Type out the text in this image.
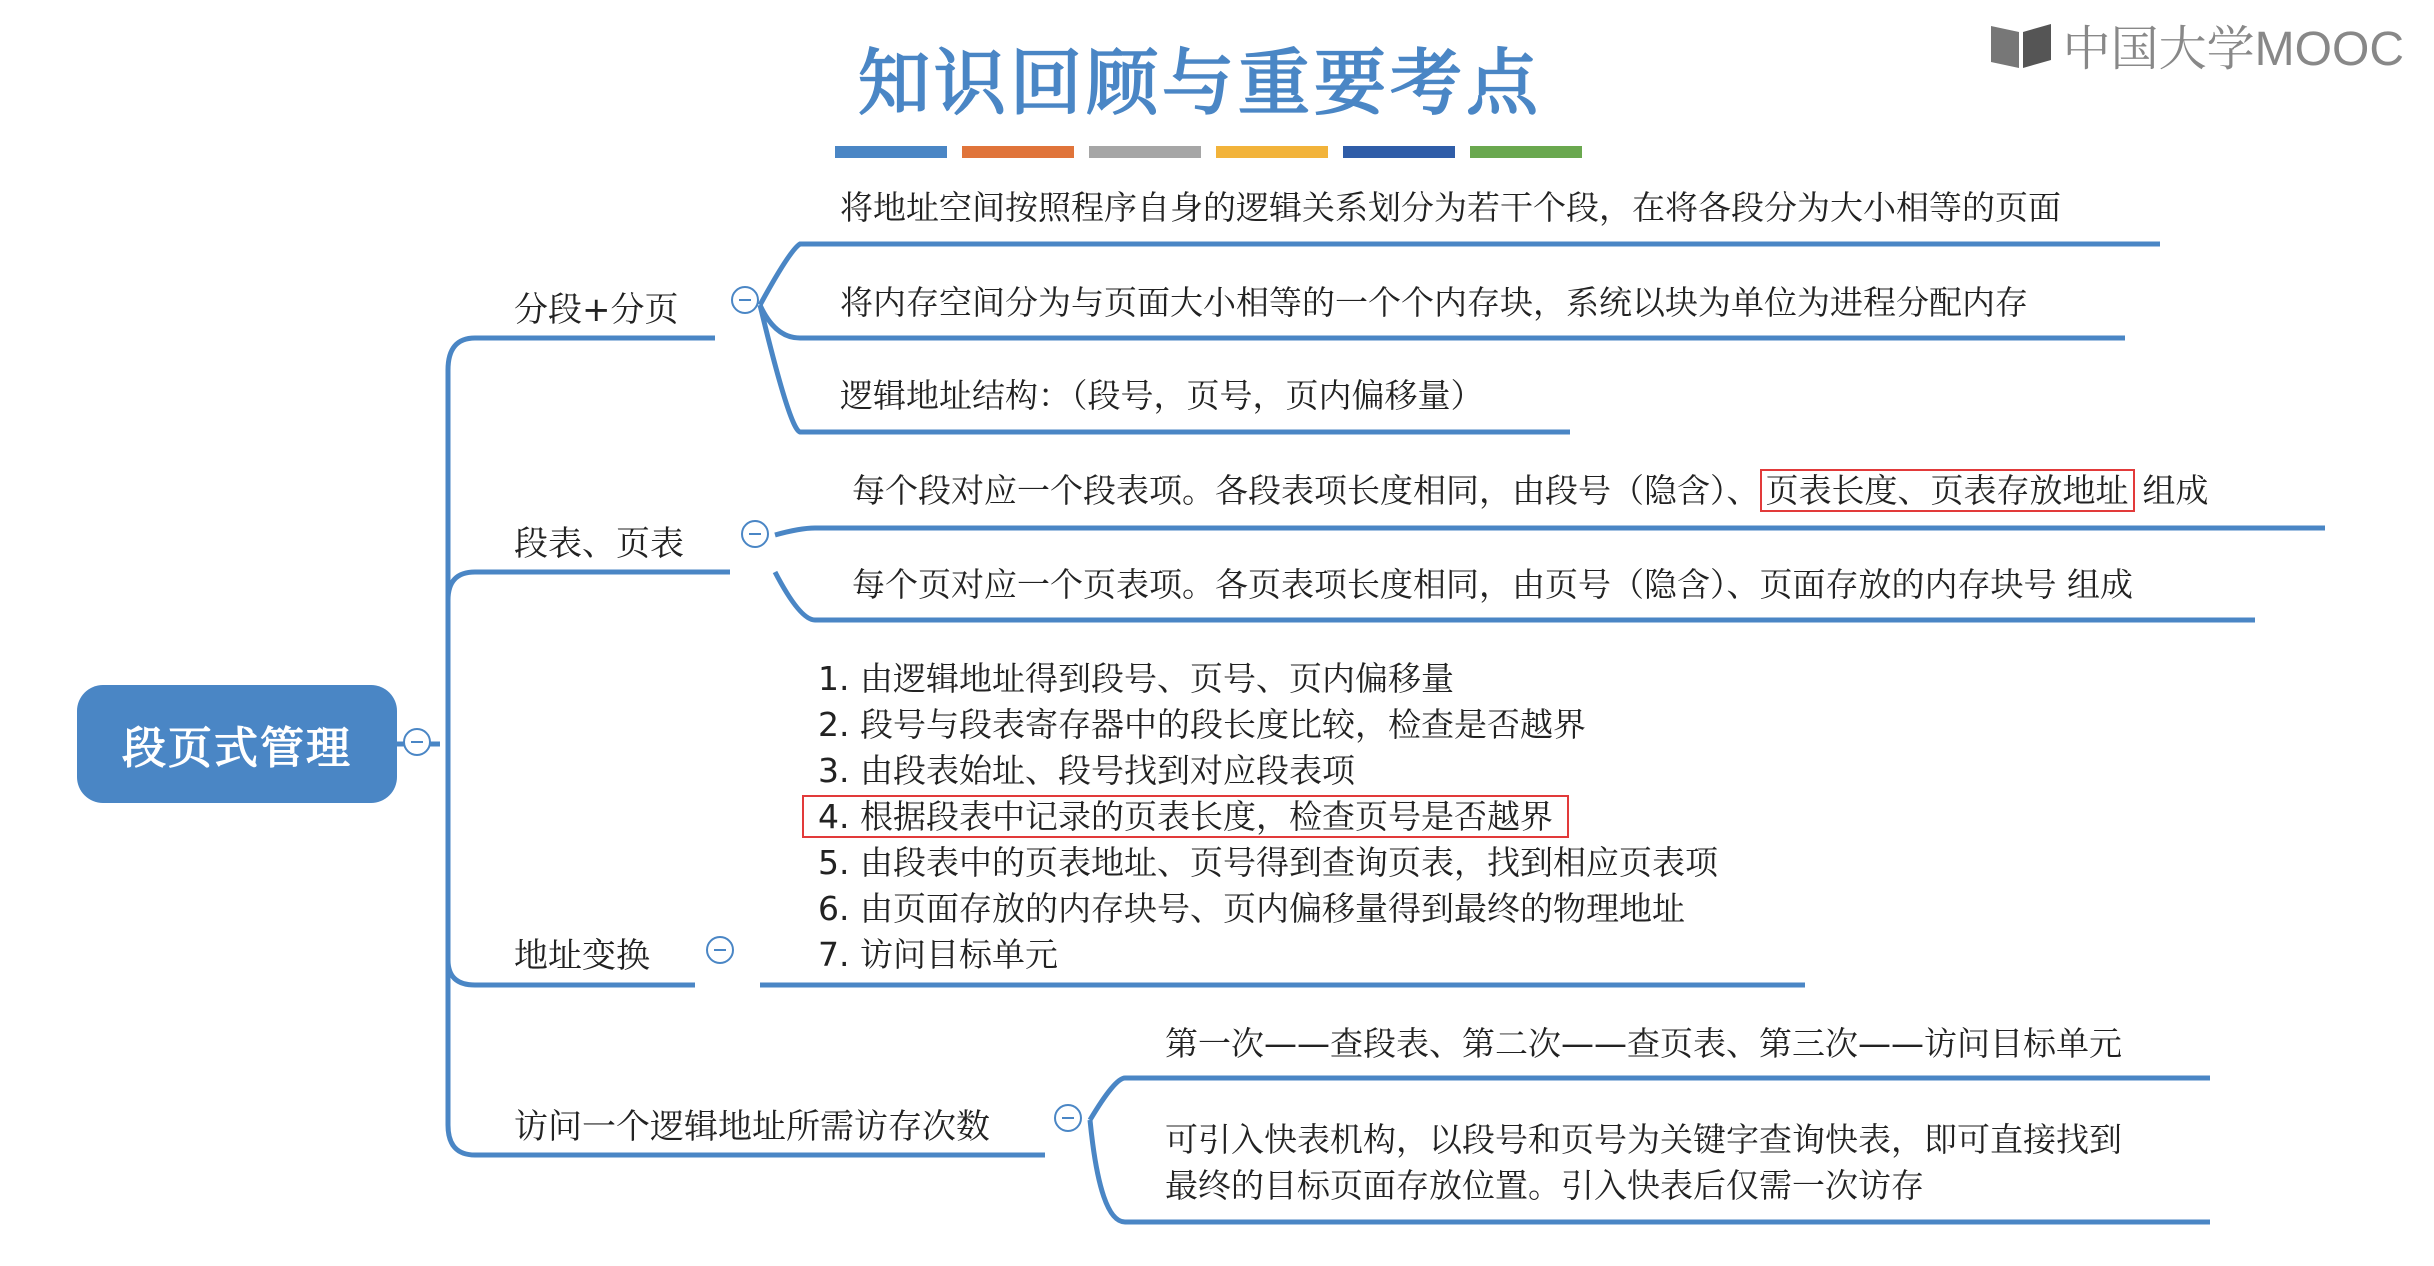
知识回顾与重要考点	中国大学MOOC
段页式管理
分段+分页
将地址空间按照程序自身的逻辑关系划分为若干个段，在将各段分为大小相等的页面
将内存空间分为与页面大小相等的一个个内存块，系统以块为单位为进程分配内存
逻辑地址结构：（段号，页号，页内偏移量）
段表、页表
每个段对应一个段表项。各段表项长度相同，由段号（隐含）、 页表长度、页表存放地址 组成
每个页对应一个页表项。各页表项长度相同，由页号（隐含）、页面存放的内存块号 组成
地址变换
1. 由逻辑地址得到段号、页号、页内偏移量
2. 段号与段表寄存器中的段长度比较，检查是否越界
3. 由段表始址、段号找到对应段表项
4. 根据段表中记录的页表长度，检查页号是否越界
5. 由段表中的页表地址、页号得到查询页表，找到相应页表项
6. 由页面存放的内存块号、页内偏移量得到最终的物理地址
7. 访问目标单元
访问一个逻辑地址所需访存次数
第一次——查段表、第二次——查页表、第三次——访问目标单元
可引入快表机构，以段号和页号为关键字查询快表，即可直接找到
最终的目标页面存放位置。引入快表后仅需一次访存
